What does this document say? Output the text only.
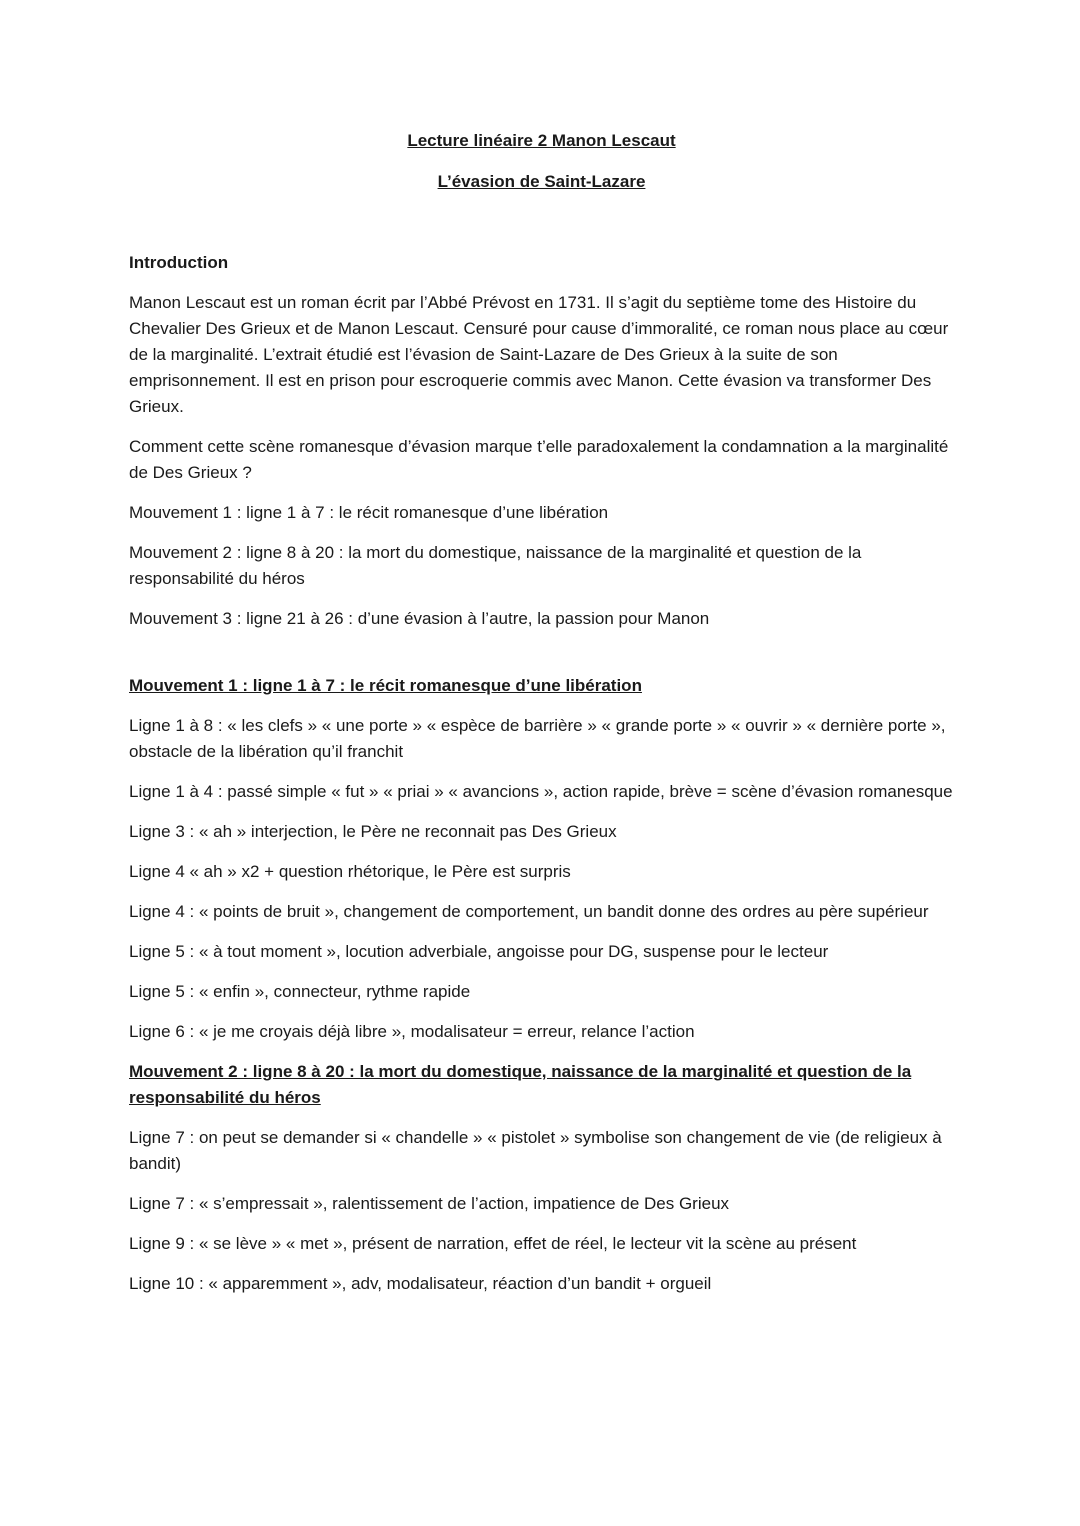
Lecture linéaire 2 Manon Lescaut
L’évasion de Saint-Lazare
Introduction

Manon Lescaut est un roman écrit par l’Abbé Prévost en 1731. Il s’agit du septième tome des Histoire du Chevalier Des Grieux et de Manon Lescaut. Censuré pour cause d’immoralité, ce roman nous place au cœur de la marginalité. L’extrait étudié est l’évasion de Saint-Lazare de Des Grieux à la suite de son emprisonnement. Il est en prison pour escroquerie commis avec Manon. Cette évasion va transformer Des Grieux.

Comment cette scène romanesque d’évasion marque t’elle paradoxalement la condamnation a la marginalité de Des Grieux ?

Mouvement 1 : ligne 1 à 7 : le récit romanesque d’une libération

Mouvement 2 : ligne 8 à 20 : la mort du domestique, naissance de la marginalité et question de la responsabilité du héros

Mouvement 3 : ligne 21 à 26 : d’une évasion à l’autre, la passion pour Manon

Mouvement 1 : ligne 1 à 7 : le récit romanesque d’une libération

Ligne 1 à 8 : « les clefs » « une porte » « espèce de barrière » « grande porte » « ouvrir » « dernière porte », obstacle de la libération qu’il franchit

Ligne 1 à 4 : passé simple « fut » « priai » « avancions », action rapide, brève = scène d’évasion romanesque

Ligne 3 : « ah » interjection, le Père ne reconnait pas Des Grieux

Ligne 4 « ah » x2 + question rhétorique, le Père est surpris

Ligne 4 : « points de bruit », changement de comportement, un bandit donne des ordres au père supérieur

Ligne 5 : « à tout moment », locution adverbiale, angoisse pour DG, suspense pour le lecteur

Ligne 5 : « enfin », connecteur, rythme rapide

Ligne 6 : « je me croyais déjà libre », modalisateur = erreur, relance l’action

Mouvement 2 : ligne 8 à 20 : la mort du domestique, naissance de la marginalité et question de la responsabilité du héros

Ligne 7 : on peut se demander si « chandelle » « pistolet » symbolise son changement de vie (de religieux à bandit)

Ligne 7 : « s’empressait », ralentissement de l’action, impatience de Des Grieux

Ligne 9 : « se lève » « met », présent de narration, effet de réel, le lecteur vit la scène au présent

Ligne 10 : « apparemment », adv, modalisateur, réaction d’un bandit + orgueil
